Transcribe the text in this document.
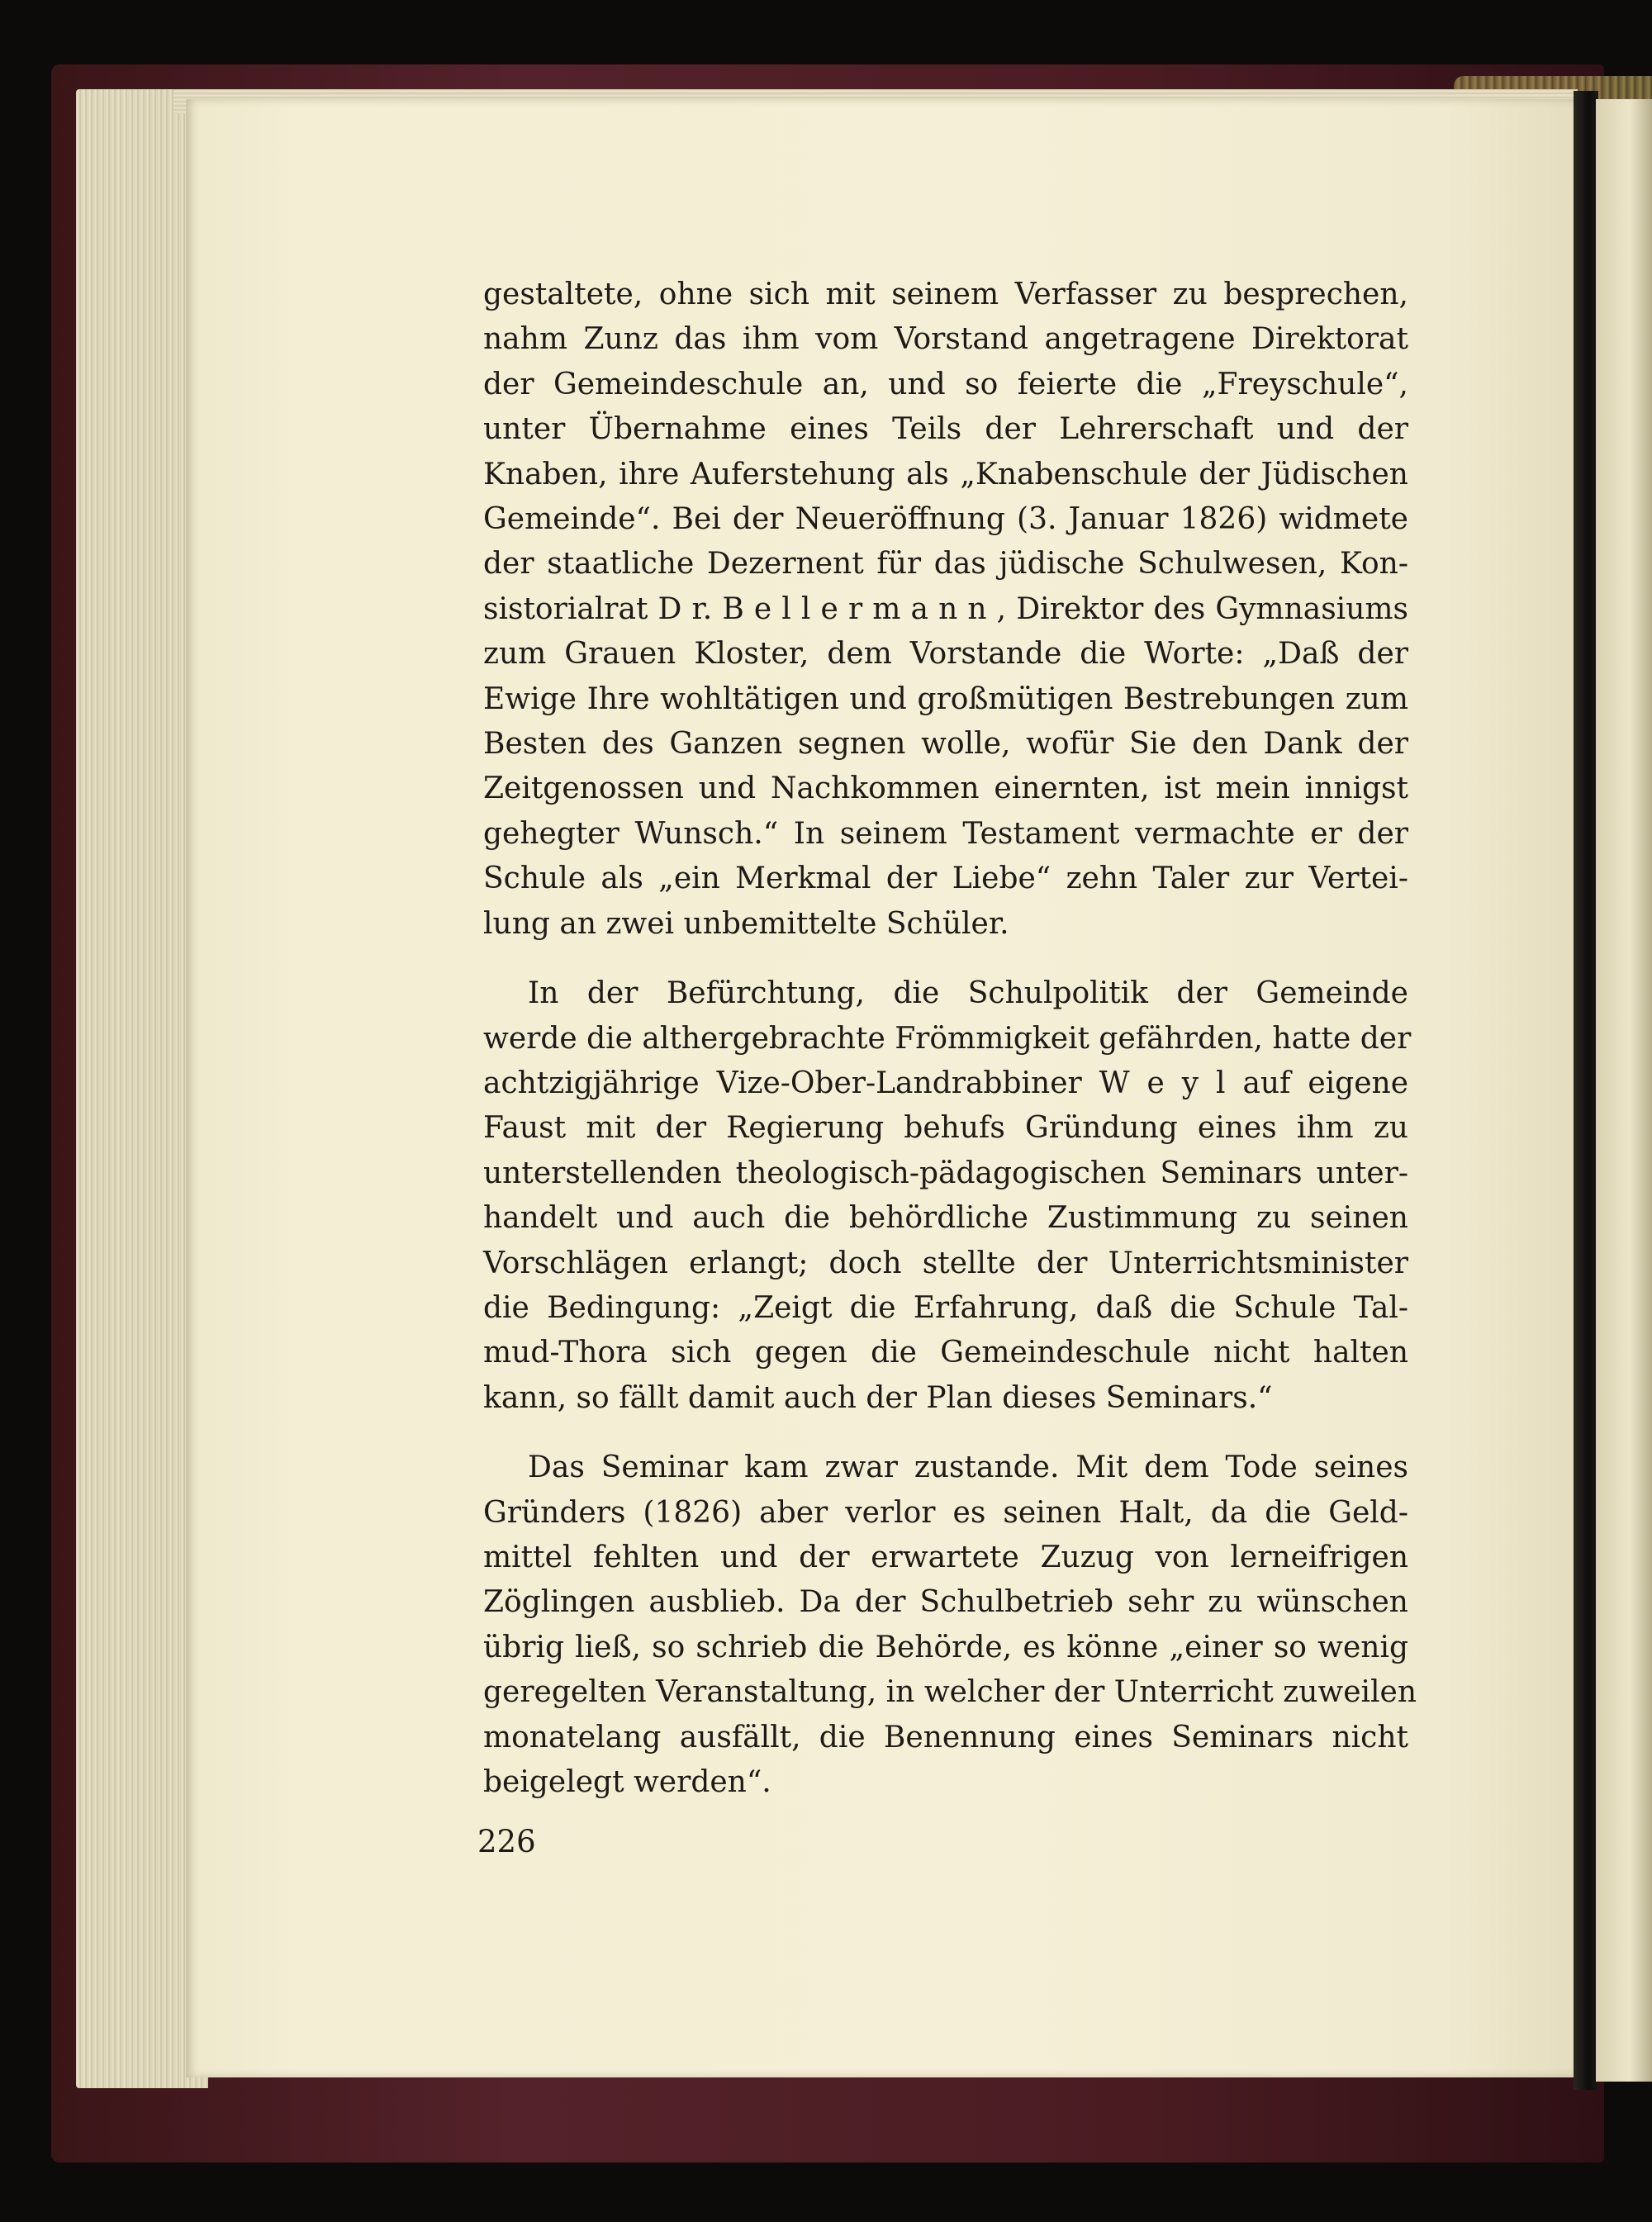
gestaltete, ohne sich mit seinem Verfasser zu besprechen,
nahm Zunz das ihm vom Vorstand angetragene Direktorat
der Gemeindeschule an, und so feierte die „Freyschule“,
unter Übernahme eines Teils der Lehrerschaft und der
Knaben, ihre Auferstehung als „Knabenschule der Jüdischen
Gemeinde“. Bei der Neueröffnung (3. Januar 1826) widmete
der staatliche Dezernent für das jüdische Schulwesen, Kon-
sistorialrat D r. B e l l e r m a n n , Direktor des Gymnasiums
zum Grauen Kloster, dem Vorstande die Worte: „Daß der
Ewige Ihre wohltätigen und großmütigen Bestrebungen zum
Besten des Ganzen segnen wolle, wofür Sie den Dank der
Zeitgenossen und Nachkommen einernten, ist mein innigst
gehegter Wunsch.“ In seinem Testament vermachte er der
Schule als „ein Merkmal der Liebe“ zehn Taler zur Vertei-
lung an zwei unbemittelte Schüler.
In der Befürchtung, die Schulpolitik der Gemeinde
werde die althergebrachte Frömmigkeit gefährden, hatte der
achtzigjährige Vize-Ober-Landrabbiner W e y l auf eigene
Faust mit der Regierung behufs Gründung eines ihm zu
unterstellenden theologisch-pädagogischen Seminars unter-
handelt und auch die behördliche Zustimmung zu seinen
Vorschlägen erlangt; doch stellte der Unterrichtsminister
die Bedingung: „Zeigt die Erfahrung, daß die Schule Tal-
mud-Thora sich gegen die Gemeindeschule nicht halten
kann, so fällt damit auch der Plan dieses Seminars.“
Das Seminar kam zwar zustande. Mit dem Tode seines
Gründers (1826) aber verlor es seinen Halt, da die Geld-
mittel fehlten und der erwartete Zuzug von lerneifrigen
Zöglingen ausblieb. Da der Schulbetrieb sehr zu wünschen
übrig ließ, so schrieb die Behörde, es könne „einer so wenig
geregelten Veranstaltung, in welcher der Unterricht zuweilen
monatelang ausfällt, die Benennung eines Seminars nicht
beigelegt werden“.
226
